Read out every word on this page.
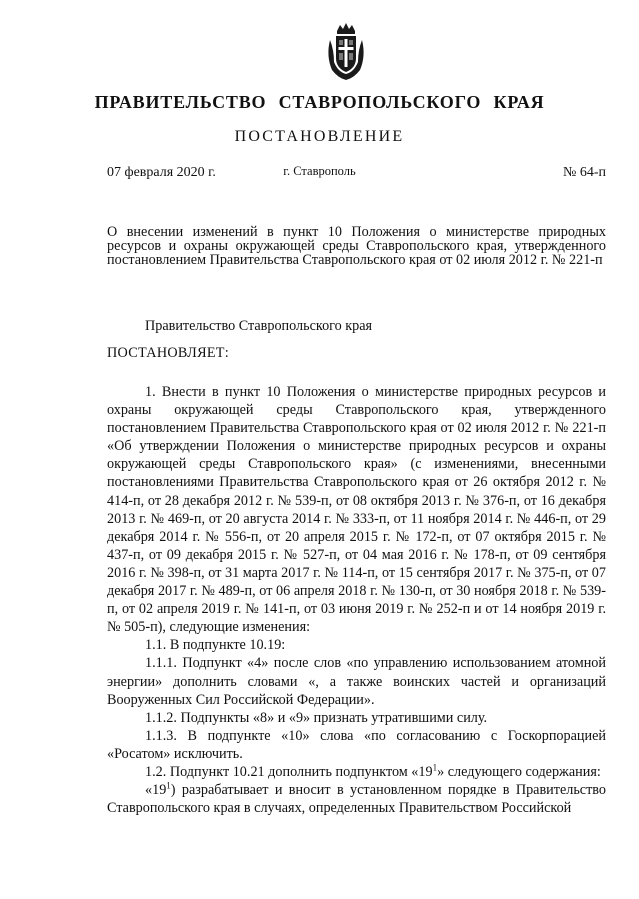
ПРАВИТЕЛЬСТВО СТАВРОПОЛЬСКОГО КРАЯ
ПОСТАНОВЛЕНИЕ
07 февраля 2020 г.	г. Ставрополь	№ 64-п
О внесении изменений в пункт 10 Положения о министерстве природных ресурсов и охраны окружающей среды Ставропольского края, утвержденного постановлением Правительства Ставропольского края от 02 июля 2012 г. № 221-п
Правительство Ставропольского края
ПОСТАНОВЛЯЕТ:

1. Внести в пункт 10 Положения о министерстве природных ресурсов и охраны окружающей среды Ставропольского края, утвержденного постановлением Правительства Ставропольского края от 02 июля 2012 г. № 221-п «Об утверждении Положения о министерстве природных ресурсов и охраны окружающей среды Ставропольского края» (с изменениями, внесенными постановлениями Правительства Ставропольского края от 26 октября 2012 г. № 414-п, от 28 декабря 2012 г. № 539-п, от 08 октября 2013 г. № 376-п, от 16 декабря 2013 г. № 469-п, от 20 августа 2014 г. № 333-п, от 11 ноября 2014 г. № 446-п, от 29 декабря 2014 г. № 556-п, от 20 апреля 2015 г. № 172-п, от 07 октября 2015 г. № 437-п, от 09 декабря 2015 г. № 527-п, от 04 мая 2016 г. № 178-п, от 09 сентября 2016 г. № 398-п, от 31 марта 2017 г. № 114-п, от 15 сентября 2017 г. № 375-п, от 07 декабря 2017 г. № 489-п, от 06 апреля 2018 г. № 130-п, от 30 ноября 2018 г. № 539-п, от 02 апреля 2019 г. № 141-п, от 03 июня 2019 г. № 252-п и от 14 ноября 2019 г. № 505-п), следующие изменения:

1.1. В подпункте 10.19:

1.1.1. Подпункт «4» после слов «по управлению использованием атомной энергии» дополнить словами «, а также воинских частей и организаций Вооруженных Сил Российской Федерации».

1.1.2. Подпункты «8» и «9» признать утратившими силу.

1.1.3. В подпункте «10» слова «по согласованию с Госкорпорацией «Росатом» исключить.

1.2. Подпункт 10.21 дополнить подпунктом «$19^1$» следующего содержания:

«$19^1$) разрабатывает и вносит в установленном порядке в Правительство Ставропольского края в случаях, определенных Правительством Российской
